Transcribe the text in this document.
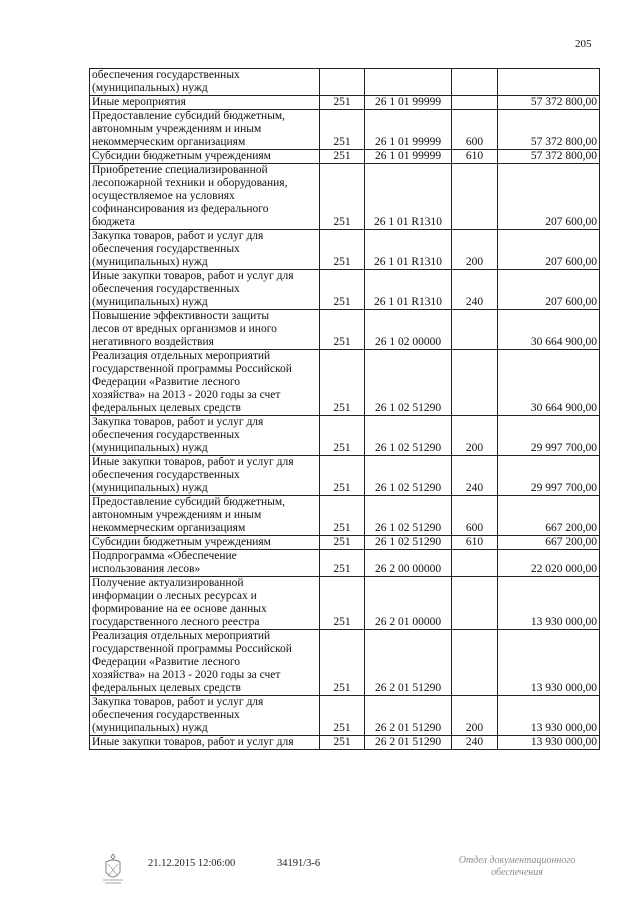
205
обеспечения государственных
(муниципальных) нужд				
Иные мероприятия	251	26 1 01 99999		57 372 800,00
Предоставление субсидий бюджетным,
автономным учреждениям и иным
некоммерческим организациям	251	26 1 01 99999	600	57 372 800,00
Субсидии бюджетным учреждениям	251	26 1 01 99999	610	57 372 800,00
Приобретение специализированной
лесопожарной техники и оборудования,
осуществляемое на условиях
софинансирования из федерального
бюджета	251	26 1 01 R1310		207 600,00
Закупка товаров, работ и услуг для
обеспечения государственных
(муниципальных) нужд	251	26 1 01 R1310	200	207 600,00
Иные закупки товаров, работ и услуг для
обеспечения государственных
(муниципальных) нужд	251	26 1 01 R1310	240	207 600,00
Повышение эффективности защиты
лесов от вредных организмов и иного
негативного воздействия	251	26 1 02 00000		30 664 900,00
Реализация отдельных мероприятий
государственной программы Российской
Федерации «Развитие лесного
хозяйства» на 2013 - 2020 годы за счет
федеральных целевых средств	251	26 1 02 51290		30 664 900,00
Закупка товаров, работ и услуг для
обеспечения государственных
(муниципальных) нужд	251	26 1 02 51290	200	29 997 700,00
Иные закупки товаров, работ и услуг для
обеспечения государственных
(муниципальных) нужд	251	26 1 02 51290	240	29 997 700,00
Предоставление субсидий бюджетным,
автономным учреждениям и иным
некоммерческим организациям	251	26 1 02 51290	600	667 200,00
Субсидии бюджетным учреждениям	251	26 1 02 51290	610	667 200,00
Подпрограмма «Обеспечение
использования лесов»	251	26 2 00 00000		22 020 000,00
Получение актуализированной
информации о лесных ресурсах и
формирование на ее основе данных
государственного лесного реестра	251	26 2 01 00000		13 930 000,00
Реализация отдельных мероприятий
государственной программы Российской
Федерации «Развитие лесного
хозяйства» на 2013 - 2020 годы за счет
федеральных целевых средств	251	26 2 01 51290		13 930 000,00
Закупка товаров, работ и услуг для
обеспечения государственных
(муниципальных) нужд	251	26 2 01 51290	200	13 930 000,00
Иные закупки товаров, работ и услуг для	251	26 2 01 51290	240	13 930 000,00
21.12.2015 12:06:00	34191/3-6	Отдел документационного
обеспечения
